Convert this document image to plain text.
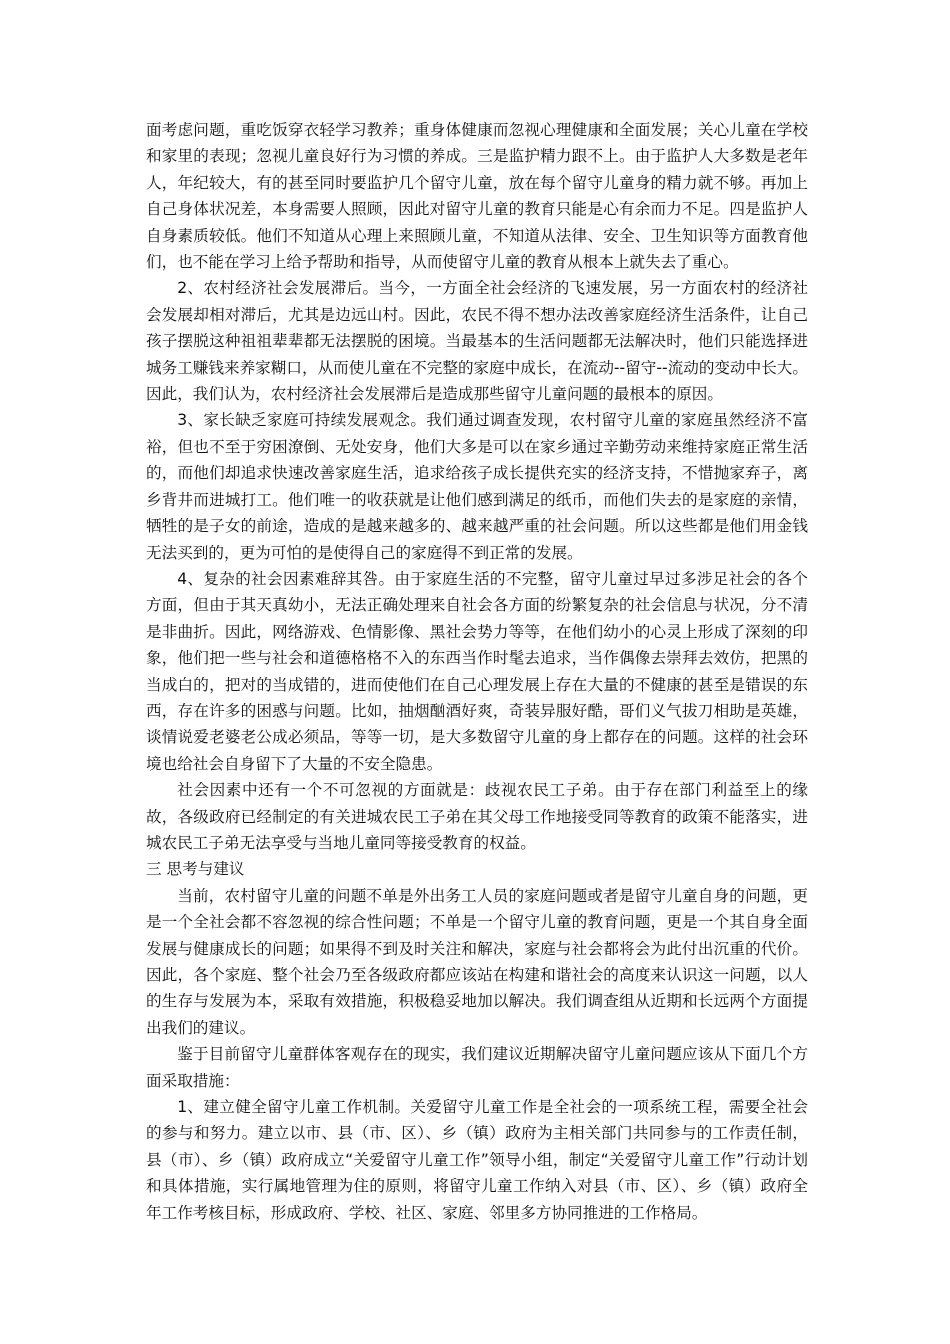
面考虑问题，重吃饭穿衣轻学习教养；重身体健康而忽视心理健康和全面发展；关心儿童在学校和家里的表现；忽视儿童良好行为习惯的养成。三是监护精力跟不上。由于监护人大多数是老年人，年纪较大，有的甚至同时要监护几个留守儿童，放在每个留守儿童身的精力就不够。再加上自己身体状况差，本身需要人照顾，因此对留守儿童的教育只能是心有余而力不足。四是监护人自身素质较低。他们不知道从心理上来照顾儿童，不知道从法律、安全、卫生知识等方面教育他们，也不能在学习上给予帮助和指导，从而使留守儿童的教育从根本上就失去了重心。

2、农村经济社会发展滞后。当今，一方面全社会经济的飞速发展，另一方面农村的经济社会发展却相对滞后，尤其是边远山村。因此，农民不得不想办法改善家庭经济生活条件，让自己孩子摆脱这种祖祖辈辈都无法摆脱的困境。当最基本的生活问题都无法解决时，他们只能选择进城务工赚钱来养家糊口，从而使儿童在不完整的家庭中成长，在流动--留守--流动的变动中长大。因此，我们认为，农村经济社会发展滞后是造成那些留守儿童问题的最根本的原因。

3、家长缺乏家庭可持续发展观念。我们通过调查发现，农村留守儿童的家庭虽然经济不富裕，但也不至于穷困潦倒、无处安身，他们大多是可以在家乡通过辛勤劳动来维持家庭正常生活的，而他们却追求快速改善家庭生活，追求给孩子成长提供充实的经济支持，不惜抛家弃子，离乡背井而进城打工。他们唯一的收获就是让他们感到满足的纸币，而他们失去的是家庭的亲情，牺牲的是子女的前途，造成的是越来越多的、越来越严重的社会问题。所以这些都是他们用金钱无法买到的，更为可怕的是使得自己的家庭得不到正常的发展。

4、复杂的社会因素难辞其咎。由于家庭生活的不完整，留守儿童过早过多涉足社会的各个方面，但由于其天真幼小，无法正确处理来自社会各方面的纷繁复杂的社会信息与状况，分不清是非曲折。因此，网络游戏、色情影像、黑社会势力等等，在他们幼小的心灵上形成了深刻的印象，他们把一些与社会和道德格格不入的东西当作时髦去追求，当作偶像去崇拜去效仿，把黑的当成白的，把对的当成错的，进而使他们在自己心理发展上存在大量的不健康的甚至是错误的东西，存在许多的困惑与问题。比如，抽烟酗酒好爽，奇装异服好酷，哥们义气拔刀相助是英雄，谈情说爱老婆老公成必须品，等等一切，是大多数留守儿童的身上都存在的问题。这样的社会环境也给社会自身留下了大量的不安全隐患。

社会因素中还有一个不可忽视的方面就是：歧视农民工子弟。由于存在部门利益至上的缘故，各级政府已经制定的有关进城农民工子弟在其父母工作地接受同等教育的政策不能落实，进城农民工子弟无法享受与当地儿童同等接受教育的权益。

三 思考与建议

当前，农村留守儿童的问题不单是外出务工人员的家庭问题或者是留守儿童自身的问题，更是一个全社会都不容忽视的综合性问题；不单是一个留守儿童的教育问题，更是一个其自身全面发展与健康成长的问题；如果得不到及时关注和解决，家庭与社会都将会为此付出沉重的代价。因此，各个家庭、整个社会乃至各级政府都应该站在构建和谐社会的高度来认识这一问题，以人的生存与发展为本，采取有效措施，积极稳妥地加以解决。我们调查组从近期和长远两个方面提出我们的建议。

鉴于目前留守儿童群体客观存在的现实，我们建议近期解决留守儿童问题应该从下面几个方面采取措施：

1、建立健全留守儿童工作机制。关爱留守儿童工作是全社会的一项系统工程，需要全社会的参与和努力。建立以市、县（市、区）、乡（镇）政府为主相关部门共同参与的工作责任制，县（市）、乡（镇）政府成立“关爱留守儿童工作”领导小组，制定“关爱留守儿童工作”行动计划和具体措施，实行属地管理为住的原则，将留守儿童工作纳入对县（市、区）、乡（镇）政府全年工作考核目标，形成政府、学校、社区、家庭、邻里多方协同推进的工作格局。
